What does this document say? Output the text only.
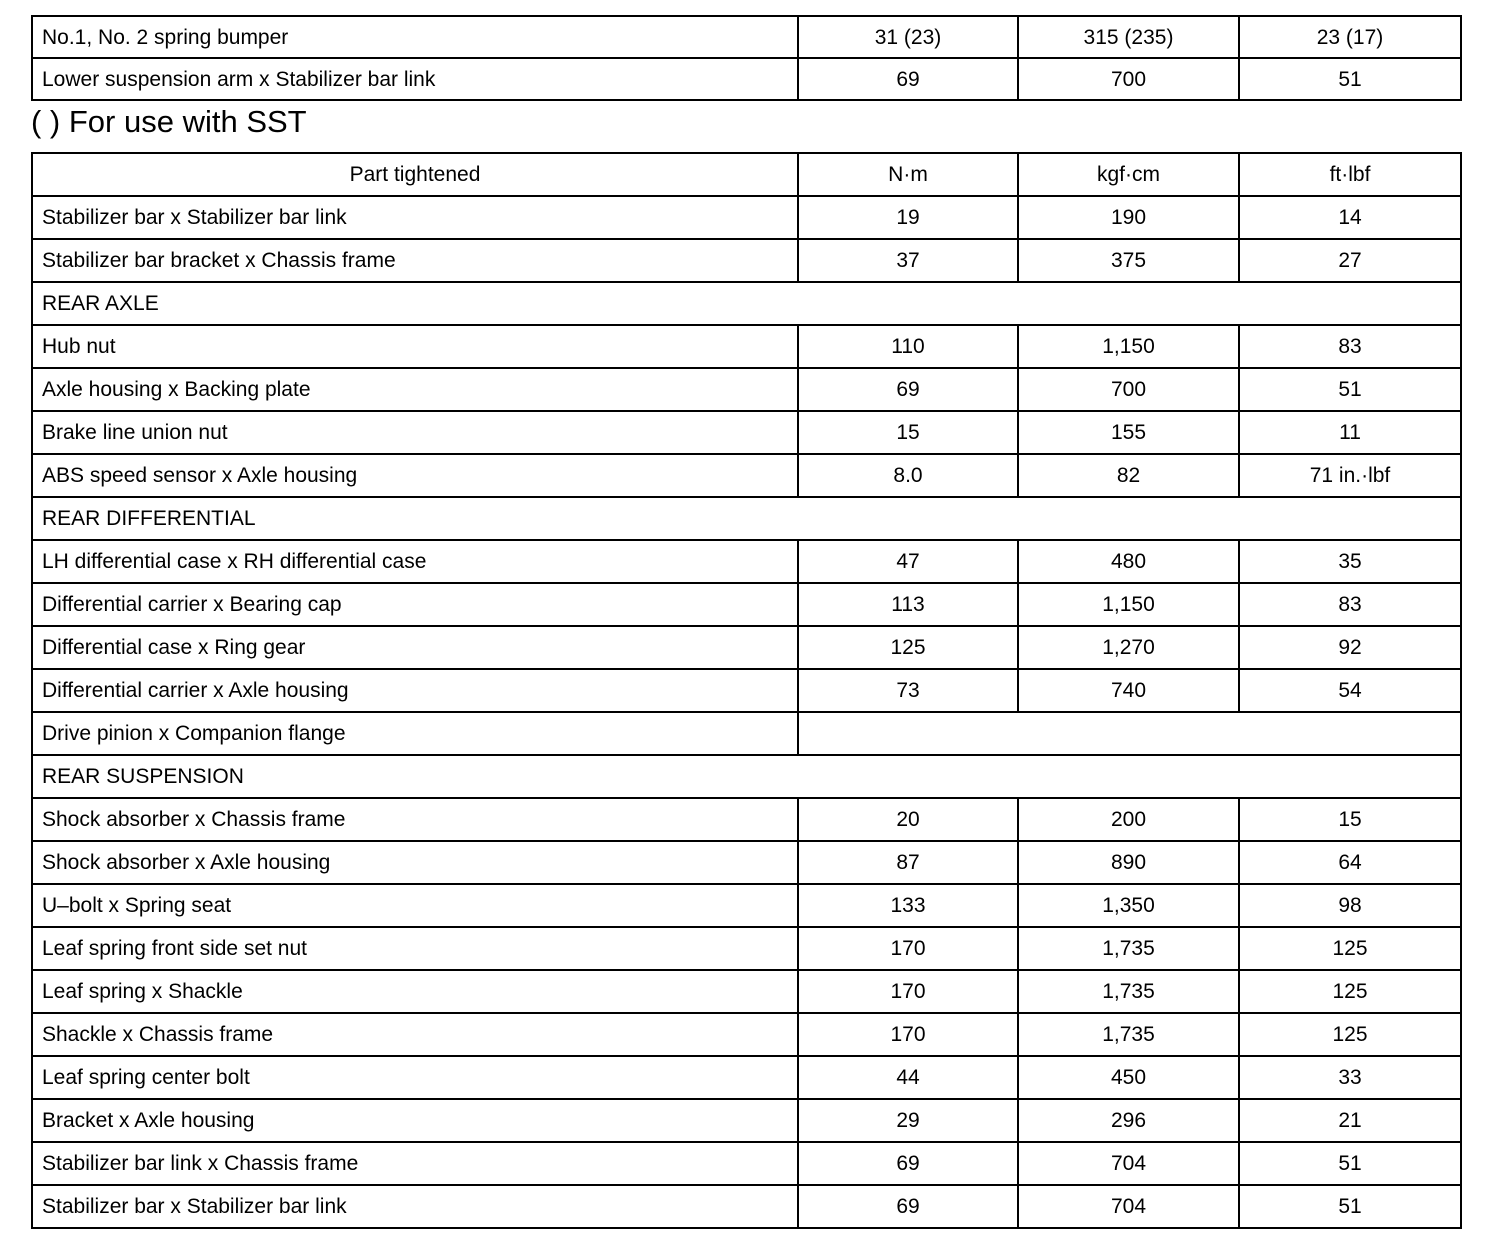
No.1, No. 2 spring bumper	31 (23)	315 (235)	23 (17)
Lower suspension arm x Stabilizer bar link	69	700	51
( ) For use with SST
Part tightened	N·m	kgf·cm	ft·lbf
Stabilizer bar x Stabilizer bar link	19	190	14
Stabilizer bar bracket x Chassis frame	37	375	27
REAR AXLE			
Hub nut	110	1,150	83
Axle housing x Backing plate	69	700	51
Brake line union nut	15	155	11
ABS speed sensor x Axle housing	8.0	82	71 in.·lbf
REAR DIFFERENTIAL			
LH differential case x RH differential case	47	480	35
Differential carrier x Bearing cap	113	1,150	83
Differential case x Ring gear	125	1,270	92
Differential carrier x Axle housing	73	740	54
Drive pinion x Companion flange			
REAR SUSPENSION			
Shock absorber x Chassis frame	20	200	15
Shock absorber x Axle housing	87	890	64
U–bolt x Spring seat	133	1,350	98
Leaf spring front side set nut	170	1,735	125
Leaf spring x Shackle	170	1,735	125
Shackle x Chassis frame	170	1,735	125
Leaf spring center bolt	44	450	33
Bracket x Axle housing	29	296	21
Stabilizer bar link x Chassis frame	69	704	51
Stabilizer bar x Stabilizer bar link	69	704	51
